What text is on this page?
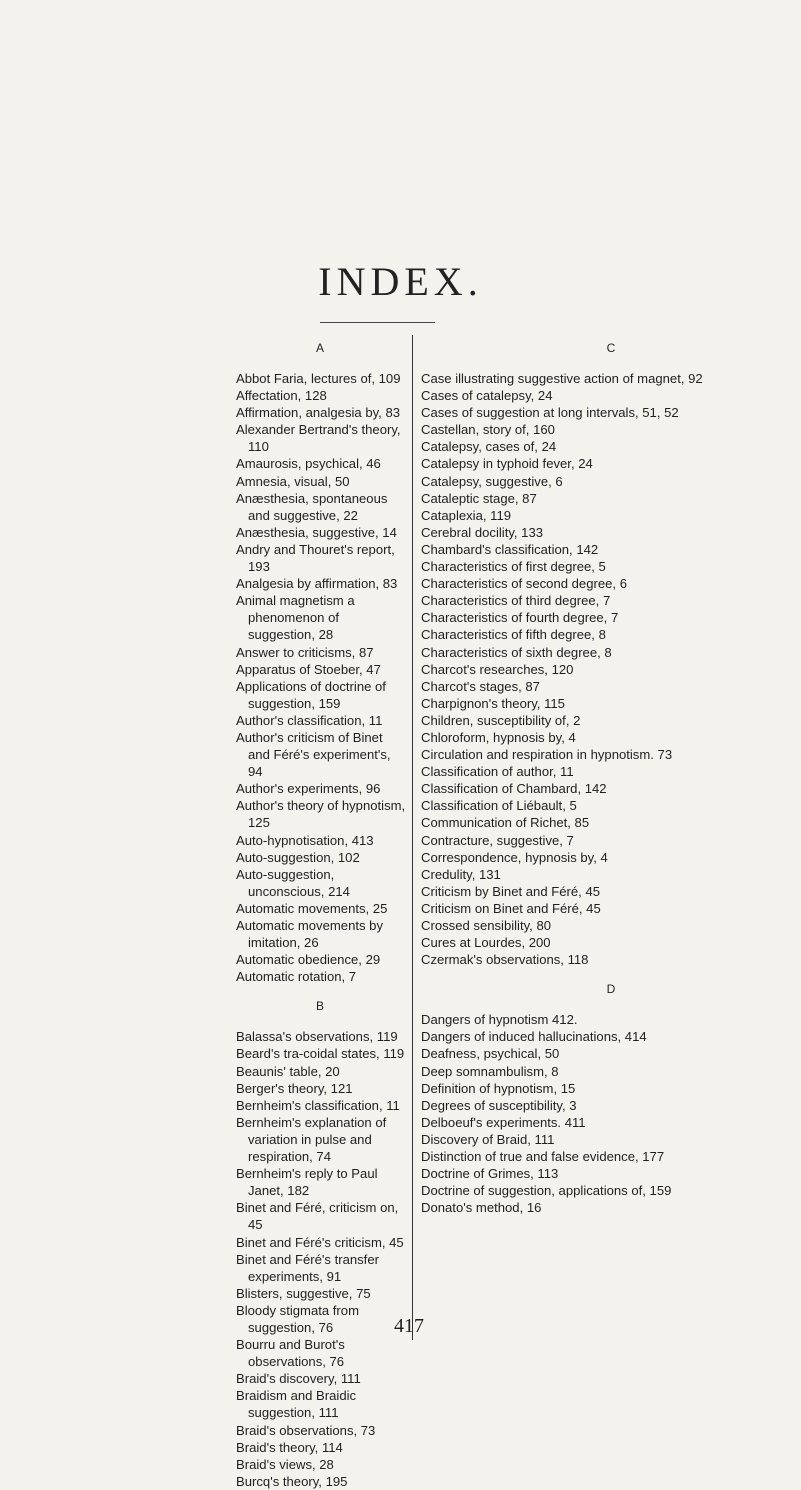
INDEX.
A
Abbot Faria, lectures of, 109
Affectation, 128
Affirmation, analgesia by, 83
Alexander Bertrand's theory, 110
Amaurosis, psychical, 46
Amnesia, visual, 50
Anæsthesia, spontaneous and suggestive, 22
Anæsthesia, suggestive, 14
Andry and Thouret's report, 193
Analgesia by affirmation, 83
Animal magnetism a phenomenon of suggestion, 28
Answer to criticisms, 87
Apparatus of Stoeber, 47
Applications of doctrine of suggestion, 159
Author's classification, 11
Author's criticism of Binet and Féré's experiment's, 94
Author's experiments, 96
Author's theory of hypnotism, 125
Auto-hypnotisation, 413
Auto-suggestion, 102
Auto-suggestion, unconscious, 214
Automatic movements, 25
Automatic movements by imitation, 26
Automatic obedience, 29
Automatic rotation, 7
B
Balassa's observations, 119
Beard's tra-coidal states, 119
Beaunis' table, 20
Berger's theory, 121
Bernheim's classification, 11
Bernheim's explanation of variation in pulse and respiration, 74
Bernheim's reply to Paul Janet, 182
Binet and Féré, criticism on, 45
Binet and Féré's criticism, 45
Binet and Féré's transfer experiments, 91
Blisters, suggestive, 75
Bloody stigmata from suggestion, 76
Bourru and Burot's observations, 76
Braid's discovery, 111
Braidism and Braidic suggestion, 111
Braid's observations, 73
Braid's theory, 114
Braid's views, 28
Burcq's theory, 195
C
Case illustrating suggestive action of magnet, 92
Cases of catalepsy, 24
Cases of suggestion at long intervals, 51, 52
Castellan, story of, 160
Catalepsy, cases of, 24
Catalepsy in typhoid fever, 24
Catalepsy, suggestive, 6
Cataleptic stage, 87
Cataplexia, 119
Cerebral docility, 133
Chambard's classification, 142
Characteristics of first degree, 5
Characteristics of second degree, 6
Characteristics of third degree, 7
Characteristics of fourth degree, 7
Characteristics of fifth degree, 8
Characteristics of sixth degree, 8
Charcot's researches, 120
Charcot's stages, 87
Charpignon's theory, 115
Children, susceptibility of, 2
Chloroform, hypnosis by, 4
Circulation and respiration in hypnotism. 73
Classification of author, 11
Classification of Chambard, 142
Classification of Liébault, 5
Communication of Richet, 85
Contracture, suggestive, 7
Correspondence, hypnosis by, 4
Credulity, 131
Criticism by Binet and Féré, 45
Criticism on Binet and Féré, 45
Crossed sensibility, 80
Cures at Lourdes, 200
Czermak's observations, 118
D
Dangers of hypnotism 412.
Dangers of induced hallucinations, 414
Deafness, psychical, 50
Deep somnambulism, 8
Definition of hypnotism, 15
Degrees of susceptibility, 3
Delboeuf's experiments. 411
Discovery of Braid, 111
Distinction of true and false evidence, 177
Doctrine of Grimes, 113
Doctrine of suggestion, applications of, 159
Donato's method, 16
417
